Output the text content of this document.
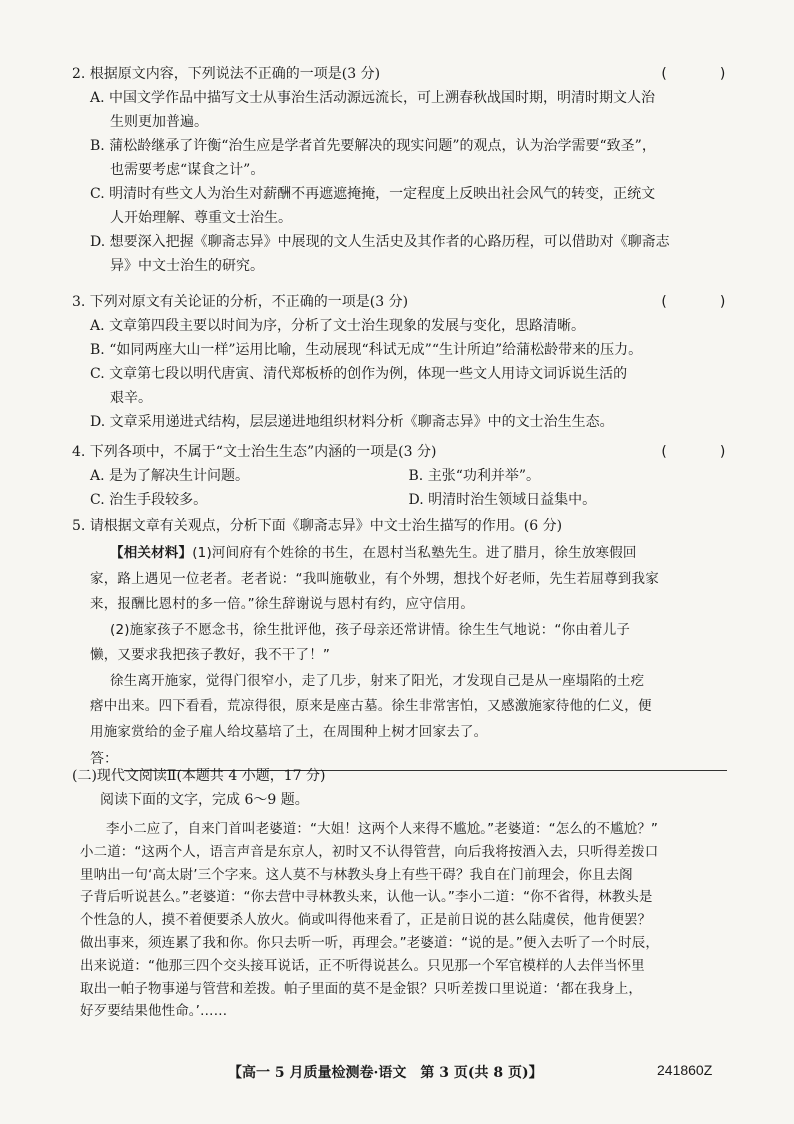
2. 根据原文内容，下列说法不正确的一项是(3 分)	(      )
A. 中国文学作品中描写文士从事治生活动源远流长，可上溯春秋战国时期，明清时期文人治
生则更加普遍。
B. 蒲松龄继承了许衡“治生应是学者首先要解决的现实问题”的观点，认为治学需要“致圣”，
也需要考虑“谋食之计”。
C. 明清时有些文人为治生对薪酬不再遮遮掩掩，一定程度上反映出社会风气的转变，正统文
人开始理解、尊重文士治生。
D. 想要深入把握《聊斋志异》中展现的文人生活史及其作者的心路历程，可以借助对《聊斋志
异》中文士治生的研究。
3. 下列对原文有关论证的分析，不正确的一项是(3 分)	(      )
A. 文章第四段主要以时间为序，分析了文士治生现象的发展与变化，思路清晰。
B. “如同两座大山一样”运用比喻，生动展现“科试无成”“生计所迫”给蒲松龄带来的压力。
C. 文章第七段以明代唐寅、清代郑板桥的创作为例，体现一些文人用诗文词诉说生活的
艰辛。
D. 文章采用递进式结构，层层递进地组织材料分析《聊斋志异》中的文士治生生态。
4. 下列各项中，不属于“文士治生生态”内涵的一项是(3 分)	(      )
A. 是为了解决生计问题。	B. 主张“功利并举”。
C. 治生手段较多。	D. 明清时治生领域日益集中。
5. 请根据文章有关观点，分析下面《聊斋志异》中文士治生描写的作用。(6 分)
【相关材料】(1)河间府有个姓徐的书生，在恩村当私塾先生。进了腊月，徐生放寒假回
家，路上遇见一位老者。老者说：“我叫施敬业，有个外甥，想找个好老师，先生若屈尊到我家
来，报酬比恩村的多一倍。”徐生辞谢说与恩村有约，应守信用。
(2)施家孩子不愿念书，徐生批评他，孩子母亲还常讲情。徐生生气地说：“你由着儿子
懒，又要求我把孩子教好，我不干了！”
徐生离开施家，觉得门很窄小，走了几步，射来了阳光，才发现自己是从一座塌陷的土疙
瘩中出来。四下看看，荒凉得很，原来是座古墓。徐生非常害怕，又感激施家待他的仁义，便
用施家赏给的金子雇人给坟墓培了土，在周围种上树才回家去了。
答：
(二)现代文阅读Ⅱ(本题共 4 小题，17 分)
阅读下面的文字，完成 6～9 题。
李小二应了，自来门首叫老婆道：“大姐！这两个人来得不尴尬。”老婆道：“怎么的不尴尬？”
小二道：“这两个人，语言声音是东京人，初时又不认得管营，向后我将按酒入去，只听得差拨口
里呐出一句‘高太尉’三个字来。这人莫不与林教头身上有些干碍？我自在门前理会，你且去阁
子背后听说甚么。”老婆道：“你去营中寻林教头来，认他一认。”李小二道：“你不省得，林教头是
个性急的人，摸不着便要杀人放火。倘或叫得他来看了，正是前日说的甚么陆虞侯，他肯便罢？
做出事来，须连累了我和你。你只去听一听，再理会。”老婆道：“说的是。”便入去听了一个时辰，
出来说道：“他那三四个交头接耳说话，正不听得说甚么。只见那一个军官模样的人去伴当怀里
取出一帕子物事递与管营和差拨。帕子里面的莫不是金银？只听差拨口里说道：‘都在我身上，
好歹要结果他性命。’……
【高一 5 月质量检测卷·语文　第 3 页(共 8 页)】	241860Z
